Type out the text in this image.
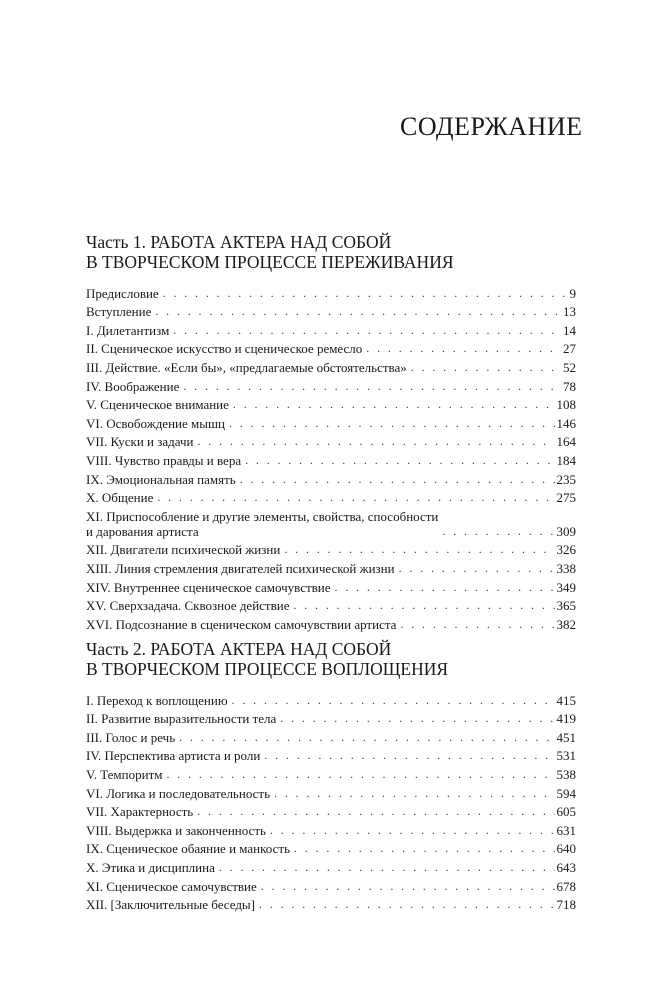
СОДЕРЖАНИЕ
Часть 1. РАБОТА АКТЕРА НАД СОБОЙ
В ТВОРЧЕСКОМ ПРОЦЕССЕ ПЕРЕЖИВАНИЯ
Предисловие . . .	9
Вступление . . .	13
I. Дилетантизм . . .	14
II. Сценическое искусство и сценическое ремесло . . .	27
III. Действие. «Если бы», «предлагаемые обстоятельства» . . .	52
IV. Воображение . . .	78
V. Сценическое внимание . . .	108
VI. Освобождение мышц . . .	146
VII. Куски и задачи . . .	164
VIII. Чувство правды и вера . . .	184
IX. Эмоциональная память . . .	235
X. Общение . . .	275
XI. Приспособление и другие элементы, свойства, способности
и дарования артиста . . .	309
XII. Двигатели психической жизни . . .	326
XIII. Линия стремления двигателей психической жизни . . .	338
XIV. Внутреннее сценическое самочувствие . . .	349
XV. Сверхзадача. Сквозное действие . . .	365
XVI. Подсознание в сценическом самочувствии артиста . . .	382
Часть 2. РАБОТА АКТЕРА НАД СОБОЙ
В ТВОРЧЕСКОМ ПРОЦЕССЕ ВОПЛОЩЕНИЯ
I. Переход к воплощению . . .	415
II. Развитие выразительности тела . . .	419
III. Голос и речь . . .	451
IV. Перспектива артиста и роли . . .	531
V. Темпоритм . . .	538
VI. Логика и последовательность . . .	594
VII. Характерность . . .	605
VIII. Выдержка и законченность . . .	631
IX. Сценическое обаяние и манкость . . .	640
X. Этика и дисциплина . . .	643
XI. Сценическое самочувствие . . .	678
XII. [Заключительные беседы] . . .	718
